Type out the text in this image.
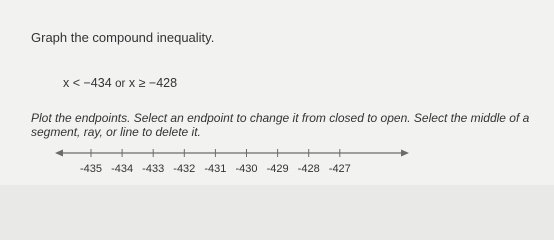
Graph the compound inequality.
x < −434 or x ≥ −428
Plot the endpoints. Select an endpoint to change it from closed to open. Select the middle of a segment, ray, or line to delete it.
-435 -434 -433 -432 -431 -430 -429 -428 -427
